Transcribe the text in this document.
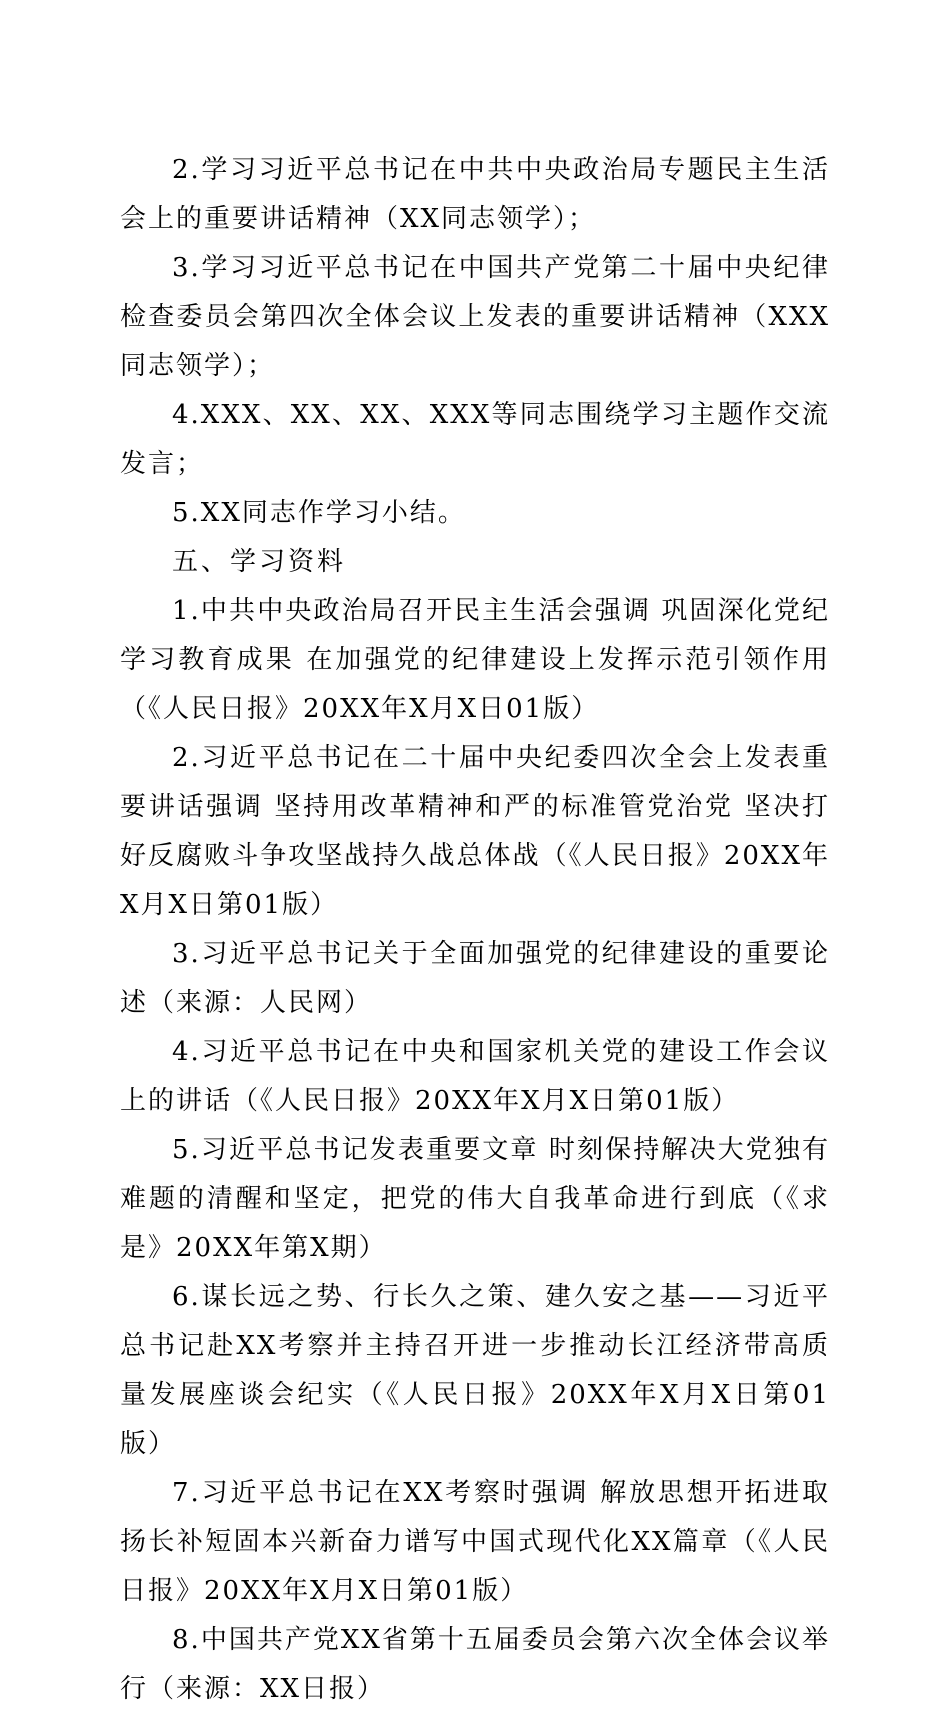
2.学习习近平总书记在中共中央政治局专题民主生活会上的重要讲话精神（XX同志领学）；

3.学习习近平总书记在中国共产党第二十届中央纪律检查委员会第四次全体会议上发表的重要讲话精神（XXX同志领学）；

4.XXX、XX、XX、XXX等同志围绕学习主题作交流发言；

5.XX同志作学习小结。

五、学习资料

1.中共中央政治局召开民主生活会强调 巩固深化党纪学习教育成果 在加强党的纪律建设上发挥示范引领作用（《人民日报》20XX年X月X日01版）

2.习近平总书记在二十届中央纪委四次全会上发表重要讲话强调 坚持用改革精神和严的标准管党治党 坚决打好反腐败斗争攻坚战持久战总体战（《人民日报》20XX年X月X日第01版）

3.习近平总书记关于全面加强党的纪律建设的重要论述（来源：人民网）

4.习近平总书记在中央和国家机关党的建设工作会议上的讲话（《人民日报》20XX年X月X日第01版）

5.习近平总书记发表重要文章 时刻保持解决大党独有难题的清醒和坚定，把党的伟大自我革命进行到底（《求是》20XX年第X期）

6.谋长远之势、行长久之策、建久安之基——习近平总书记赴XX考察并主持召开进一步推动长江经济带高质量发展座谈会纪实（《人民日报》20XX年X月X日第01版）

7.习近平总书记在XX考察时强调 解放思想开拓进取扬长补短固本兴新奋力谱写中国式现代化XX篇章（《人民日报》20XX年X月X日第01版）

8.中国共产党XX省第十五届委员会第六次全体会议举行（来源：XX日报）
